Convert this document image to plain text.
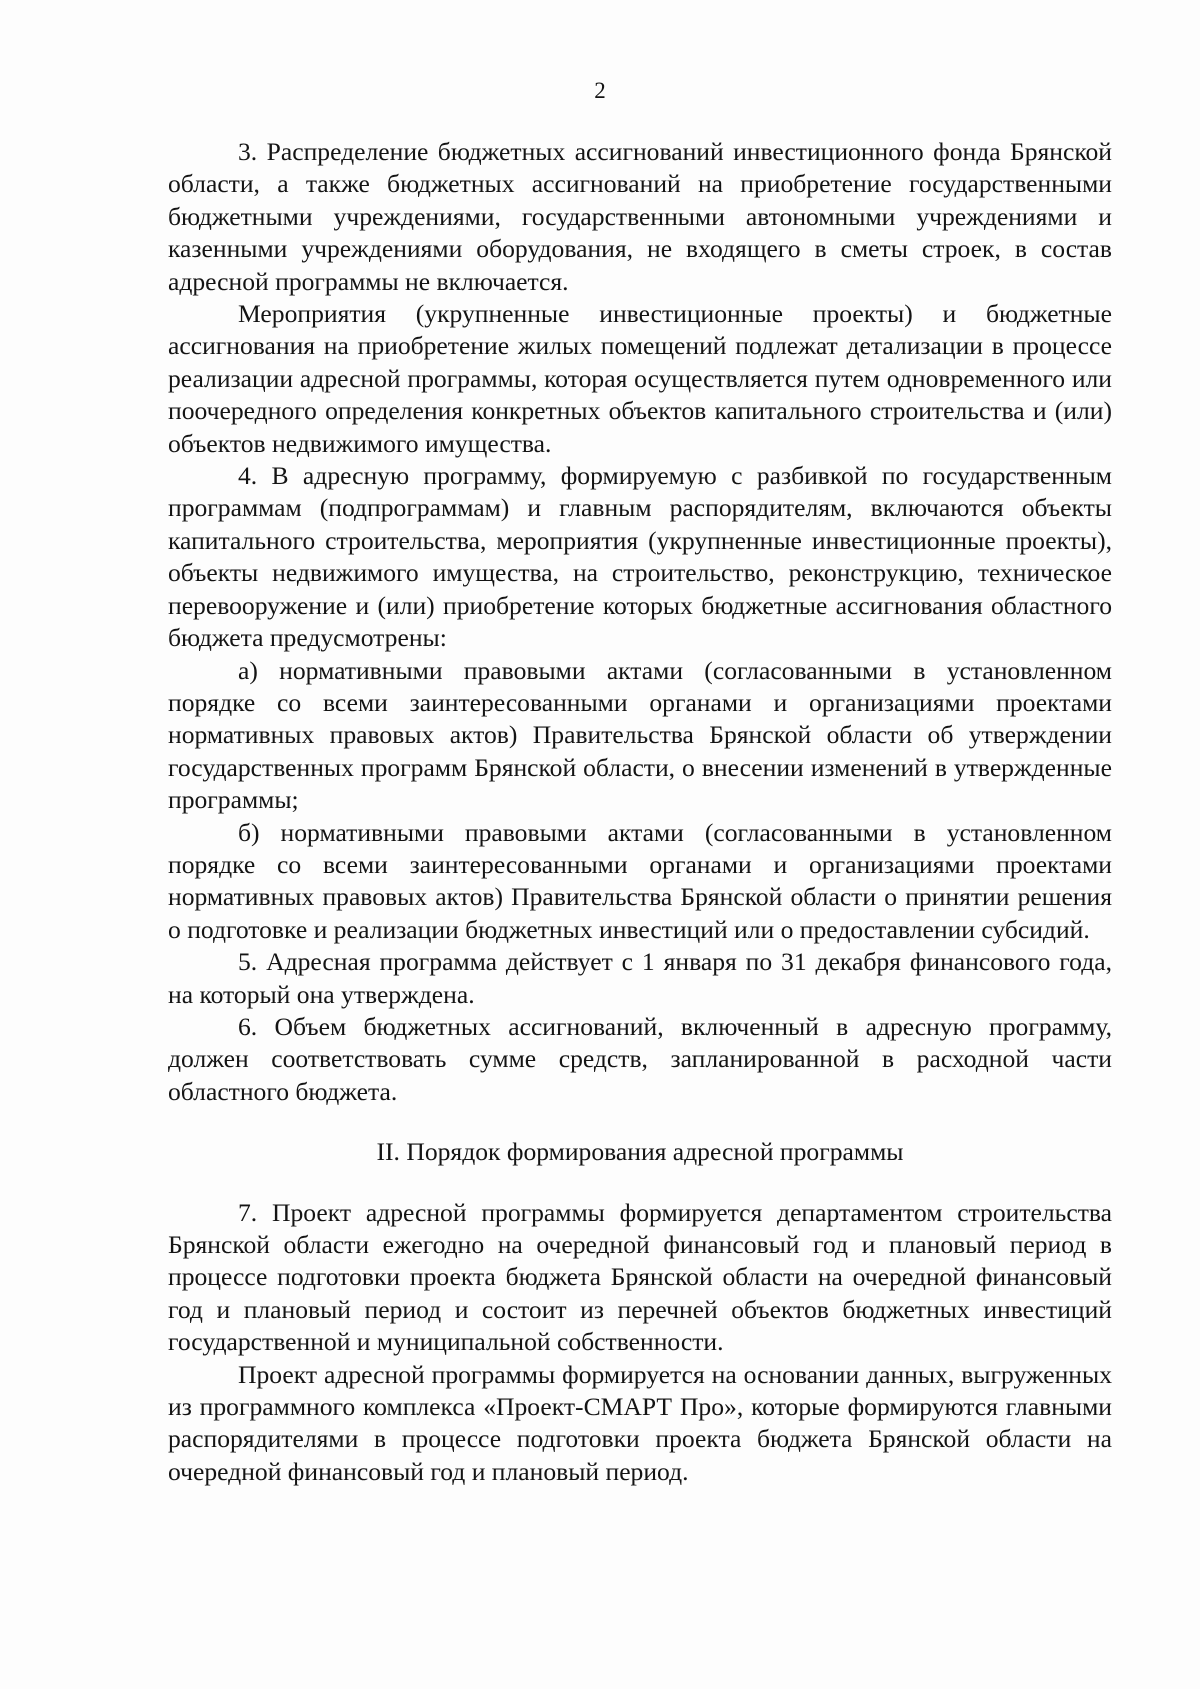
2

3. Распределение бюджетных ассигнований инвестиционного фонда Брянской области, а также бюджетных ассигнований на приобретение государственными бюджетными учреждениями, государственными автономными учреждениями и казенными учреждениями оборудования, не входящего в сметы строек, в состав адресной программы не включается.

Мероприятия (укрупненные инвестиционные проекты) и бюджетные ассигнования на приобретение жилых помещений подлежат детализации в процессе реализации адресной программы, которая осуществляется путем одновременного или поочередного определения конкретных объектов капитального строительства и (или) объектов недвижимого имущества.

4. В адресную программу, формируемую с разбивкой по государственным программам (подпрограммам) и главным распорядителям, включаются объекты капитального строительства, мероприятия (укрупненные инвестиционные проекты), объекты недвижимого имущества, на строительство, реконструкцию, техническое перевооружение и (или) приобретение которых бюджетные ассигнования областного бюджета предусмотрены:

а) нормативными правовыми актами (согласованными в установленном порядке со всеми заинтересованными органами и организациями проектами нормативных правовых актов) Правительства Брянской области об утверждении государственных программ Брянской области, о внесении изменений в утвержденные программы;

б) нормативными правовыми актами (согласованными в установленном порядке со всеми заинтересованными органами и организациями проектами нормативных правовых актов) Правительства Брянской области о принятии решения о подготовке и реализации бюджетных инвестиций или о предоставлении субсидий.

5. Адресная программа действует с 1 января по 31 декабря финансового года, на который она утверждена.

6. Объем бюджетных ассигнований, включенный в адресную программу, должен соответствовать сумме средств, запланированной в расходной части областного бюджета.

II. Порядок формирования адресной программы

7. Проект адресной программы формируется департаментом строительства Брянской области ежегодно на очередной финансовый год и плановый период в процессе подготовки проекта бюджета Брянской области на очередной финансовый год и плановый период и состоит из перечней объектов бюджетных инвестиций государственной и муниципальной собственности.

Проект адресной программы формируется на основании данных, выгруженных из программного комплекса «Проект-СМАРТ Про», которые формируются главными распорядителями в процессе подготовки проекта бюджета Брянской области на очередной финансовый год и плановый период.
